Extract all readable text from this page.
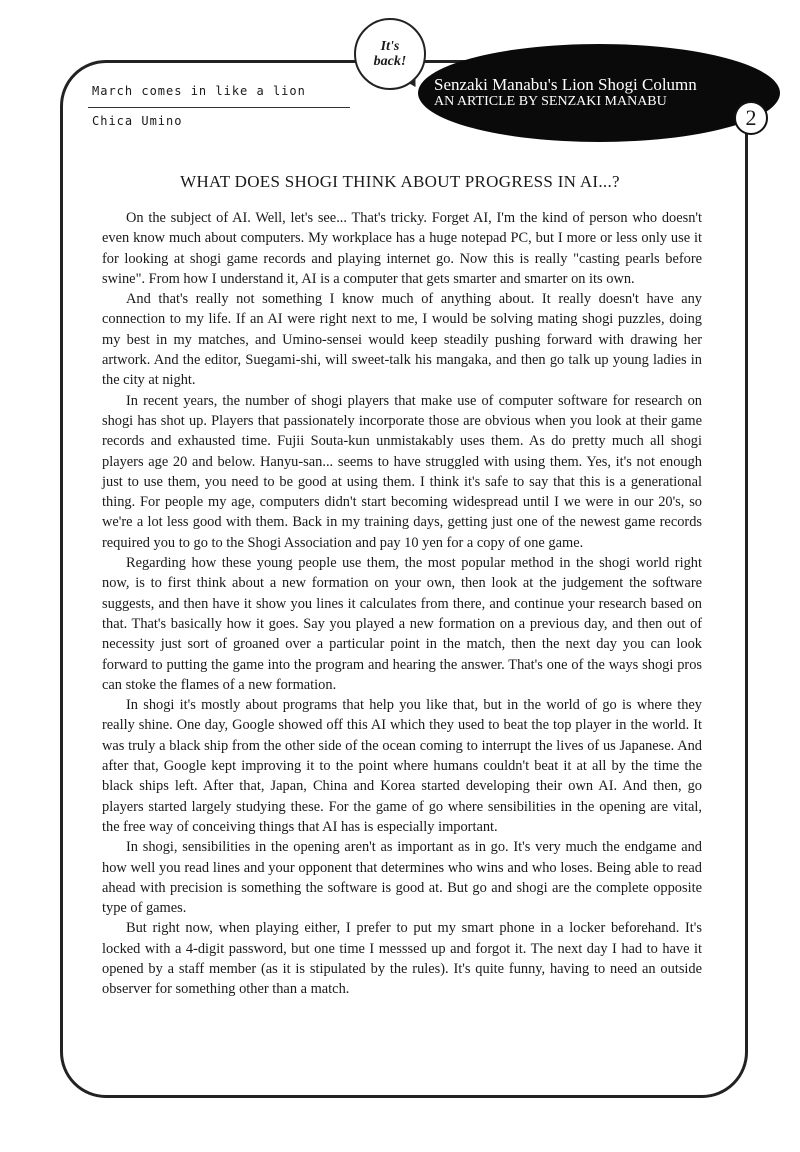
March comes in like a lion
Chica Umino
It's
back!
Senzaki Manabu's Lion Shogi Column
AN ARTICLE BY SENZAKI MANABU
2
WHAT DOES SHOGI THINK ABOUT PROGRESS IN AI...?

On the subject of AI. Well, let's see... That's tricky. Forget AI, I'm the kind of person who doesn't even know much about computers. My workplace has a huge notepad PC, but I more or less only use it for looking at shogi game records and playing internet go. Now this is really "casting pearls before swine". From how I understand it, AI is a computer that gets smarter and smarter on its own.

And that's really not something I know much of anything about. It really doesn't have any connection to my life. If an AI were right next to me, I would be solving mating shogi puzzles, doing my best in my matches, and Umino-sensei would keep steadily pushing forward with drawing her artwork. And the editor, Suegami-shi, will sweet-talk his mangaka, and then go talk up young ladies in the city at night.

In recent years, the number of shogi players that make use of computer software for research on shogi has shot up. Players that passionately incorporate those are obvious when you look at their game records and exhausted time. Fujii Souta-kun unmistakably uses them. As do pretty much all shogi players age 20 and below. Hanyu-san... seems to have struggled with using them. Yes, it's not enough just to use them, you need to be good at using them. I think it's safe to say that this is a generational thing. For people my age, computers didn't start becoming widespread until I we were in our 20's, so we're a lot less good with them. Back in my training days, getting just one of the newest game records required you to go to the Shogi Association and pay 10 yen for a copy of one game.

Regarding how these young people use them, the most popular method in the shogi world right now, is to first think about a new formation on your own, then look at the judgement the software suggests, and then have it show you lines it calculates from there, and continue your research based on that. That's basically how it goes. Say you played a new formation on a previous day, and then out of necessity just sort of groaned over a particular point in the match, then the next day you can look forward to putting the game into the program and hearing the answer. That's one of the ways shogi pros can stoke the flames of a new formation.

In shogi it's mostly about programs that help you like that, but in the world of go is where they really shine. One day, Google showed off this AI which they used to beat the top player in the world. It was truly a black ship from the other side of the ocean coming to interrupt the lives of us Japanese. And after that, Google kept improving it to the point where humans couldn't beat it at all by the time the black ships left. After that, Japan, China and Korea started developing their own AI. And then, go players started largely studying these. For the game of go where sensibilities in the opening are vital, the free way of conceiving things that AI has is especially important.

In shogi, sensibilities in the opening aren't as important as in go. It's very much the endgame and how well you read lines and your opponent that determines who wins and who loses. Being able to read ahead with precision is something the software is good at. But go and shogi are the complete opposite type of games.

But right now, when playing either, I prefer to put my smart phone in a locker beforehand. It's locked with a 4-digit password, but one time I messsed up and forgot it. The next day I had to have it opened by a staff member (as it is stipulated by the rules). It's quite funny, having to need an outside observer for something other than a match.
